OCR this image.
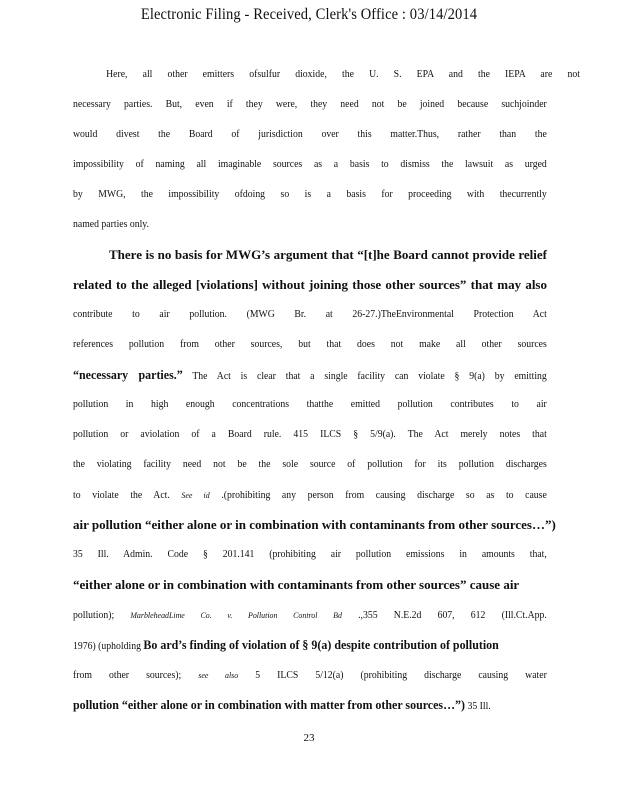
Electronic Filing - Received, Clerk's Office : 03/14/2014
Here, all other emitters ofsulfur dioxide, the U. S. EPA and the IEPA are not
necessary parties. But, even if they were, they need not be joined because suchjoinder
would divest the Board of jurisdiction over this matter.Thus, rather than the
impossibility of naming all imaginable sources as a basis to dismiss the lawsuit as urged
by MWG, the impossibility ofdoing so is a basis for proceeding with thecurrently
named parties only.
There is no basis for MWG’s argument that “[t]he Board cannot provide relief
related to the alleged [violations] without joining those other sources” that may also
contribute to air pollution. (MWG Br. at 26-27.)TheEnvironmental Protection Act
references pollution from other sources, but that does not make all other sources
“necessary parties.” The Act is clear that a single facility can violate § 9(a) by emitting
pollution in high enough concentrations thatthe emitted pollution contributes to air
pollution or aviolation of a Board rule. 415 ILCS § 5/9(a). The Act merely notes that
the violating facility need not be the sole source of pollution for its pollution discharges
to violate the Act. See id .(prohibiting any person from causing discharge so as to cause
air pollution “either alone or in combination with contaminants from other sources…”)
35 Ill. Admin. Code § 201.141 (prohibiting air pollution emissions in amounts that,
“either alone or in combination with contaminants from other sources” cause air
pollution); MarbleheadLime Co. v. Pollution Control Bd .,355 N.E.2d 607, 612 (Ill.Ct.App.
1976) (upholding Bo ard’s finding of violation of § 9(a) despite contribution of pollution
from other sources); see also 5 ILCS 5/12(a) (prohibiting discharge causing water
pollution “either alone or in combination with matter from other sources…”) 35 Ill.
23
